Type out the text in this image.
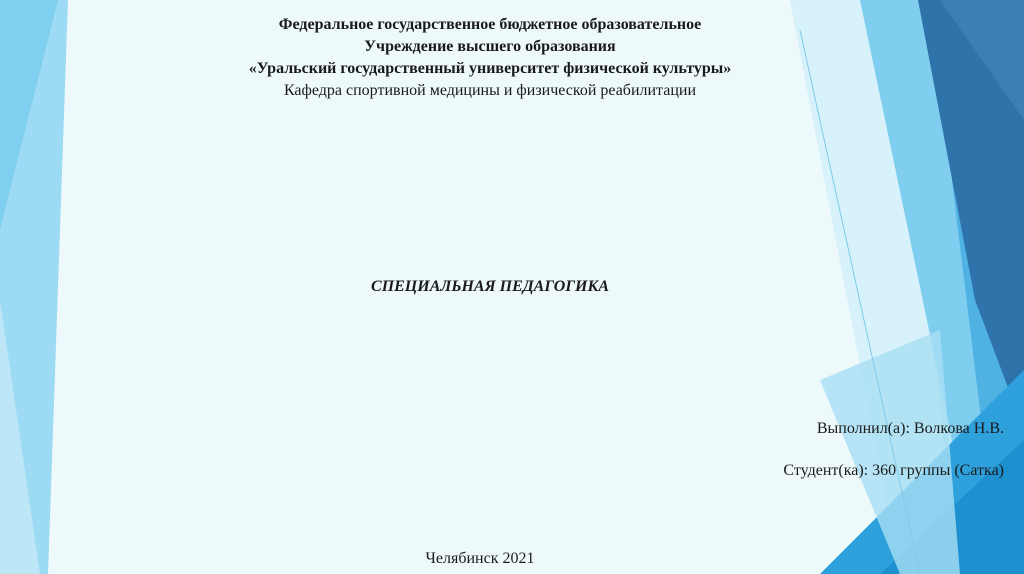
Федеральное государственное бюджетное образовательное
Учреждение высшего образования
«Уральский государственный университет физической культуры»
Кафедра спортивной медицины и физической реабилитации
СПЕЦИАЛЬНАЯ ПЕДАГОГИКА
Выполнил(а): Волкова Н.В.
Студент(ка): 360 группы (Сатка)
Челябинск 2021
